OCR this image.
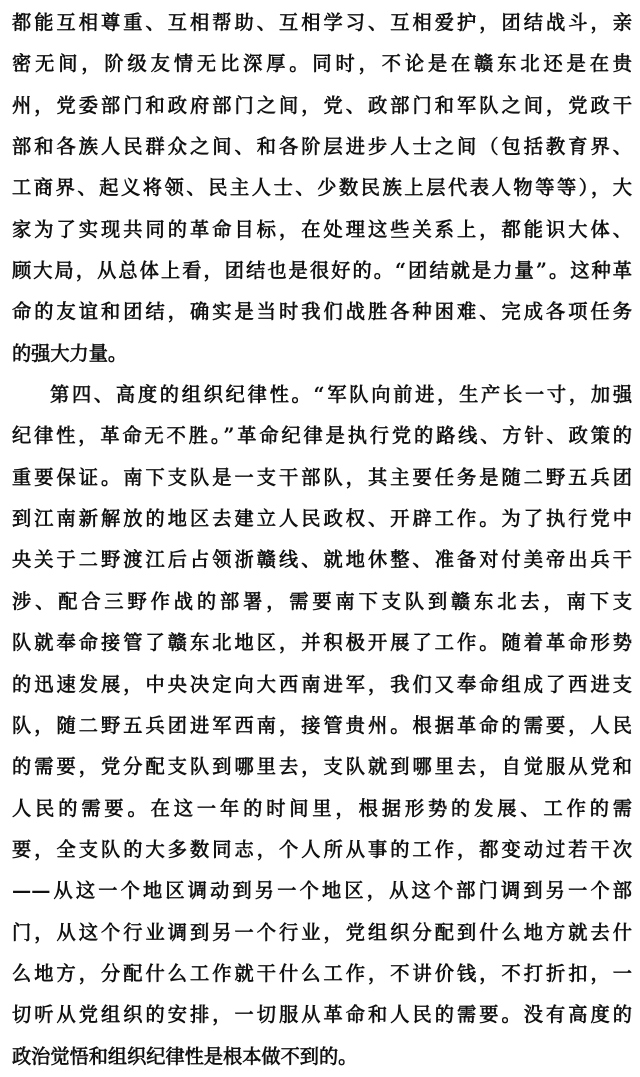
都能互相尊重、互相帮助、互相学习、互相爱护，团结战斗，亲
密无间，阶级友情无比深厚。同时，不论是在赣东北还是在贵
州，党委部门和政府部门之间，党、政部门和军队之间，党政干
部和各族人民群众之间、和各阶层进步人士之间（包括教育界、
工商界、起义将领、民主人士、少数民族上层代表人物等等），大
家为了实现共同的革命目标，在处理这些关系上，都能识大体、
顾大局，从总体上看，团结也是很好的。“团结就是力量”。这种革
命的友谊和团结，确实是当时我们战胜各种困难、完成各项任务
的强大力量。
第四、高度的组织纪律性。“军队向前进，生产长一寸，加强
纪律性，革命无不胜。”革命纪律是执行党的路线、方针、政策的
重要保证。南下支队是一支干部队，其主要任务是随二野五兵团
到江南新解放的地区去建立人民政权、开辟工作。为了执行党中
央关于二野渡江后占领浙赣线、就地休整、准备对付美帝出兵干
涉、配合三野作战的部署，需要南下支队到赣东北去，南下支
队就奉命接管了赣东北地区，并积极开展了工作。随着革命形势
的迅速发展，中央决定向大西南进军，我们又奉命组成了西进支
队，随二野五兵团进军西南，接管贵州。根据革命的需要，人民
的需要，党分配支队到哪里去，支队就到哪里去，自觉服从党和
人民的需要。在这一年的时间里，根据形势的发展、工作的需
要，全支队的大多数同志，个人所从事的工作，都变动过若干次
——从这一个地区调动到另一个地区，从这个部门调到另一个部
门，从这个行业调到另一个行业，党组织分配到什么地方就去什
么地方，分配什么工作就干什么工作，不讲价钱，不打折扣，一
切听从党组织的安排，一切服从革命和人民的需要。没有高度的
政治觉悟和组织纪律性是根本做不到的。
